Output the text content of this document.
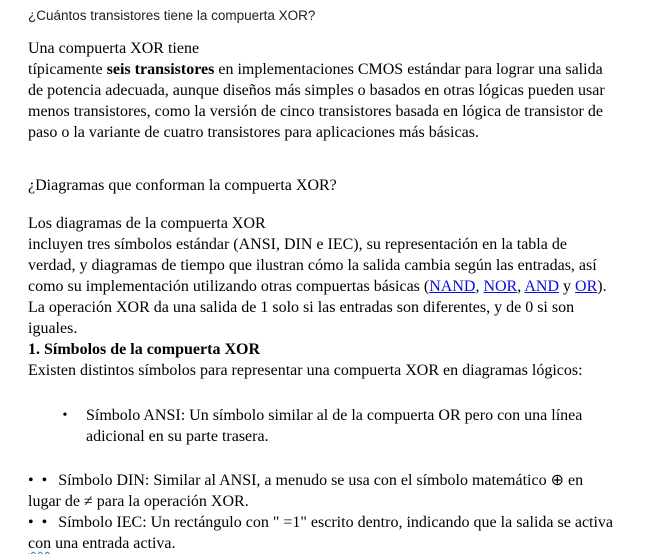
¿Cuántos transistores tiene la compuerta XOR?
Una compuerta XOR tiene
típicamente seis transistores en implementaciones CMOS estándar para lograr una salida
de potencia adecuada, aunque diseños más simples o basados en otras lógicas pueden usar
menos transistores, como la versión de cinco transistores basada en lógica de transistor de
paso o la variante de cuatro transistores para aplicaciones más básicas.
¿Diagramas que conforman la compuerta XOR?
Los diagramas de la compuerta XOR
incluyen tres símbolos estándar (ANSI, DIN e IEC), su representación en la tabla de
verdad, y diagramas de tiempo que ilustran cómo la salida cambia según las entradas, así
como su implementación utilizando otras compuertas básicas (NAND, NOR, AND y OR).
La operación XOR da una salida de 1 solo si las entradas son diferentes, y de 0 si son
iguales.
1. Símbolos de la compuerta XOR
Existen distintos símbolos para representar una compuerta XOR en diagramas lógicos:
•	Símbolo ANSI: Un símbolo similar al de la compuerta OR pero con una línea
adicional en su parte trasera.
• • Símbolo DIN: Similar al ANSI, a menudo se usa con el símbolo matemático ⊕ en
lugar de ≠ para la operación XOR.
• • Símbolo IEC: Un rectángulo con " =1" escrito dentro, indicando que la salida se activa
con una entrada activa.
